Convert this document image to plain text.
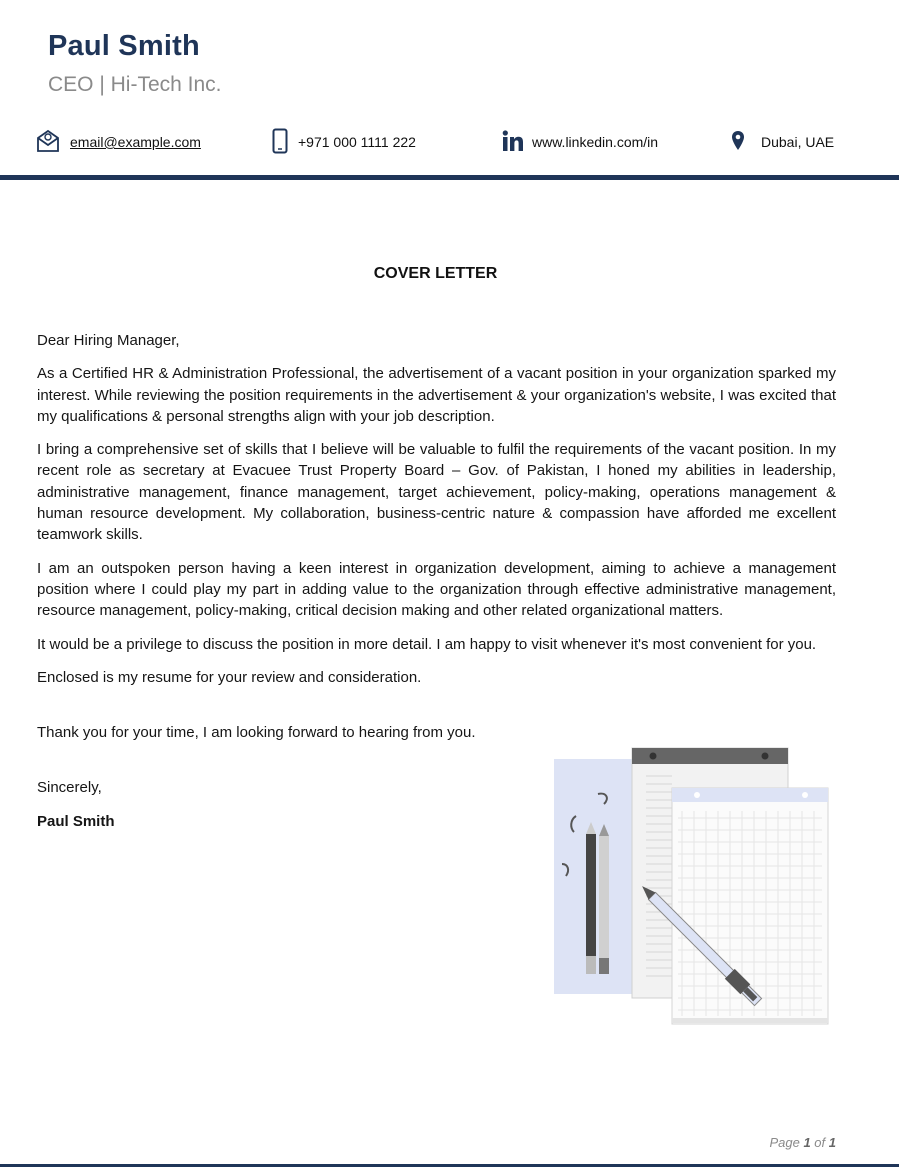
Paul Smith
CEO | Hi-Tech Inc.
email@example.com	+971 000 1111 222	www.linkedin.com/in	Dubai, UAE
COVER LETTER

Dear Hiring Manager,

As a Certified HR & Administration Professional, the advertisement of a vacant position in your organization sparked my interest. While reviewing the position requirements in the advertisement & your organization's website, I was excited that my qualifications & personal strengths align with your job description.

I bring a comprehensive set of skills that I believe will be valuable to fulfil the requirements of the vacant position. In my recent role as secretary at Evacuee Trust Property Board – Gov. of Pakistan, I honed my abilities in leadership, administrative management, finance management, target achievement, policy-making, operations management & human resource development. My collaboration, business-centric nature & compassion have afforded me excellent teamwork skills.

I am an outspoken person having a keen interest in organization development, aiming to achieve a management position where I could play my part in adding value to the organization through effective administrative management, resource management, policy-making, critical decision making and other related organizational matters.

It would be a privilege to discuss the position in more detail. I am happy to visit whenever it's most convenient for you.

Enclosed is my resume for your review and consideration.

Thank you for your time, I am looking forward to hearing from you.

Sincerely,

Paul Smith

Page 1 of 1
